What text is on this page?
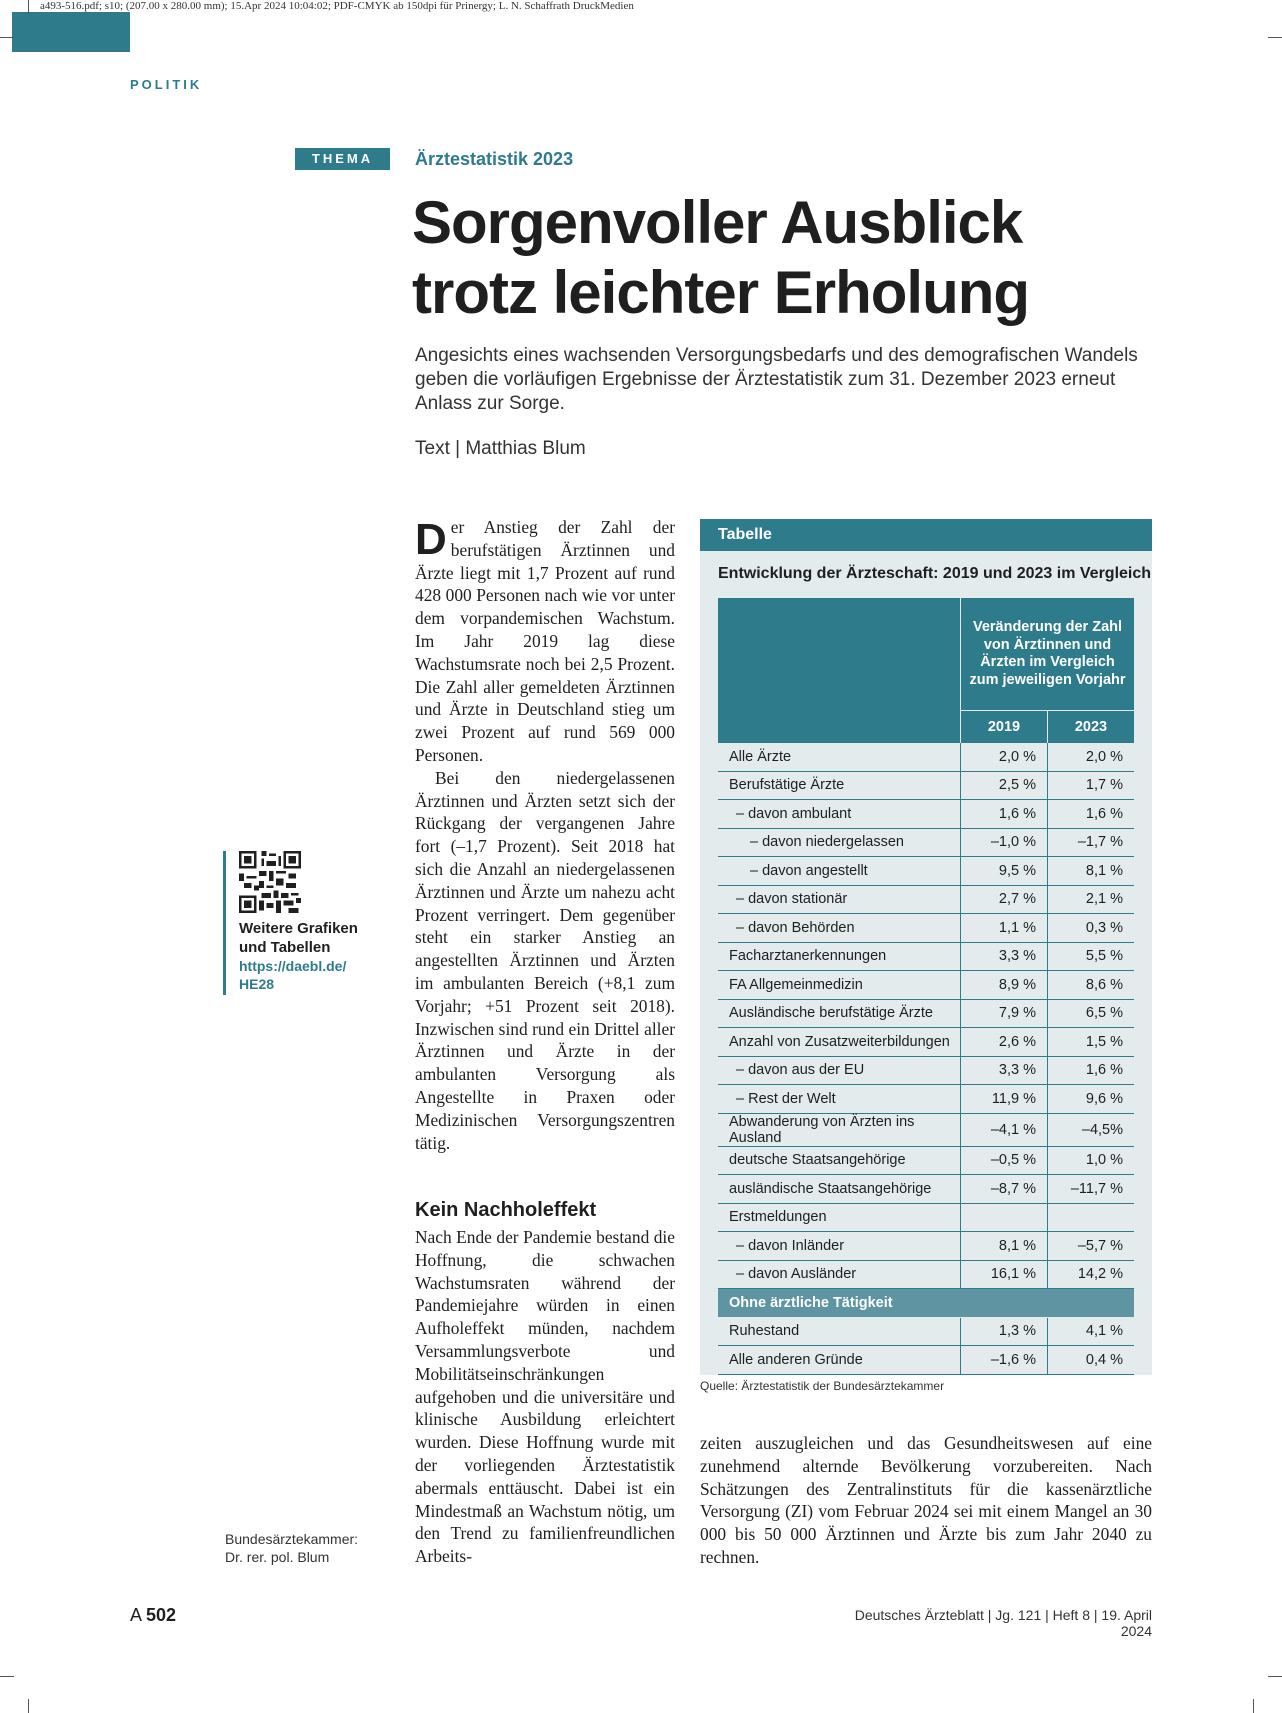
a493-516.pdf; s10; (207.00 x 280.00 mm); 15.Apr 2024 10:04:02; PDF-CMYK ab 150dpi für Prinergy; L. N. Schaffrath DruckMedien
POLITIK
THEMA	Ärztestatistik 2023
Sorgenvoller Ausblick
trotz leichter Erholung
Angesichts eines wachsenden Versorgungsbedarfs und des demografischen Wandels geben die vorläufigen Ergebnisse der Ärztestatistik zum 31. Dezember 2023 erneut Anlass zur Sorge.
Text | Matthias Blum

Der Anstieg der Zahl der berufstätigen Ärztinnen und Ärzte liegt mit 1,7 Prozent auf rund 428 000 Personen nach wie vor unter dem vorpandemischen Wachstum. Im Jahr 2019 lag diese Wachstumsrate noch bei 2,5 Prozent. Die Zahl aller gemeldeten Ärztinnen und Ärzte in Deutschland stieg um zwei Prozent auf rund 569 000 Personen.

Bei den niedergelassenen Ärztinnen und Ärzten setzt sich der Rückgang der vergangenen Jahre fort (–1,7 Prozent). Seit 2018 hat sich die Anzahl an niedergelassenen Ärztinnen und Ärzte um nahezu acht Prozent verringert. Dem gegenüber steht ein starker Anstieg an angestellten Ärztinnen und Ärzten im ambulanten Bereich (+8,1 zum Vorjahr; +51 Prozent seit 2018). Inzwischen sind rund ein Drittel aller Ärztinnen und Ärzte in der ambulanten Versorgung als Angestellte in Praxen oder Medizinischen Versorgungszentren tätig.

Kein Nachholeffekt
Nach Ende der Pandemie bestand die Hoffnung, die schwachen Wachstumsraten während der Pandemiejahre würden in einen Aufholeffekt münden, nachdem Versammlungsverbote und Mobilitätseinschränkungen aufgehoben und die universitäre und klinische Ausbildung erleichtert wurden. Diese Hoffnung wurde mit der vorliegenden Ärztestatistik abermals enttäuscht. Dabei ist ein Mindestmaß an Wachstum nötig, um den Trend zu familienfreundlichen Arbeits-
zeiten auszugleichen und das Gesundheitswesen auf eine zunehmend alternde Bevölkerung vorzubereiten. Nach Schätzungen des Zentralinstituts für die kassenärztliche Versorgung (ZI) vom Februar 2024 sei mit einem Mangel an 30 000 bis 50 000 Ärztinnen und Ärzte bis zum Jahr 2040 zu rechnen.
Weitere Grafiken
und Tabellen
https://daebl.de/
HE28
Bundesärztekammer:
Dr. rer. pol. Blum
Tabelle
Entwicklung der Ärzteschaft: 2019 und 2023 im Vergleich
	Veränderung der Zahl von Ärztinnen und Ärzten im Vergleich zum jeweiligen Vorjahr	
	2019	2023
Alle Ärzte	2,0 %	2,0 %
Berufstätige Ärzte	2,5 %	1,7 %
– davon ambulant	1,6 %	1,6 %
– davon niedergelassen	–1,0 %	–1,7 %
– davon angestellt	9,5 %	8,1 %
– davon stationär	2,7 %	2,1 %
– davon Behörden	1,1 %	0,3 %
Facharztanerkennungen	3,3 %	5,5 %
FA Allgemeinmedizin	8,9 %	8,6 %
Ausländische berufstätige Ärzte	7,9 %	6,5 %
Anzahl von Zusatzweiterbildungen	2,6 %	1,5 %
– davon aus der EU	3,3 %	1,6 %
– Rest der Welt	11,9 %	9,6 %
Abwanderung von Ärzten ins Ausland	–4,1 %	–4,5%
deutsche Staatsangehörige	–0,5 %	1,0 %
ausländische Staatsangehörige	–8,7 %	–11,7 %
Erstmeldungen		
– davon Inländer	8,1 %	–5,7 %
– davon Ausländer	16,1 %	14,2 %
Ohne ärztliche Tätigkeit		
Ruhestand	1,3 %	4,1 %
Alle anderen Gründe	–1,6 %	0,4 %
Quelle: Ärztestatistik der Bundesärztekammer
A 502	Deutsches Ärzteblatt | Jg. 121 | Heft 8 | 19. April 2024
